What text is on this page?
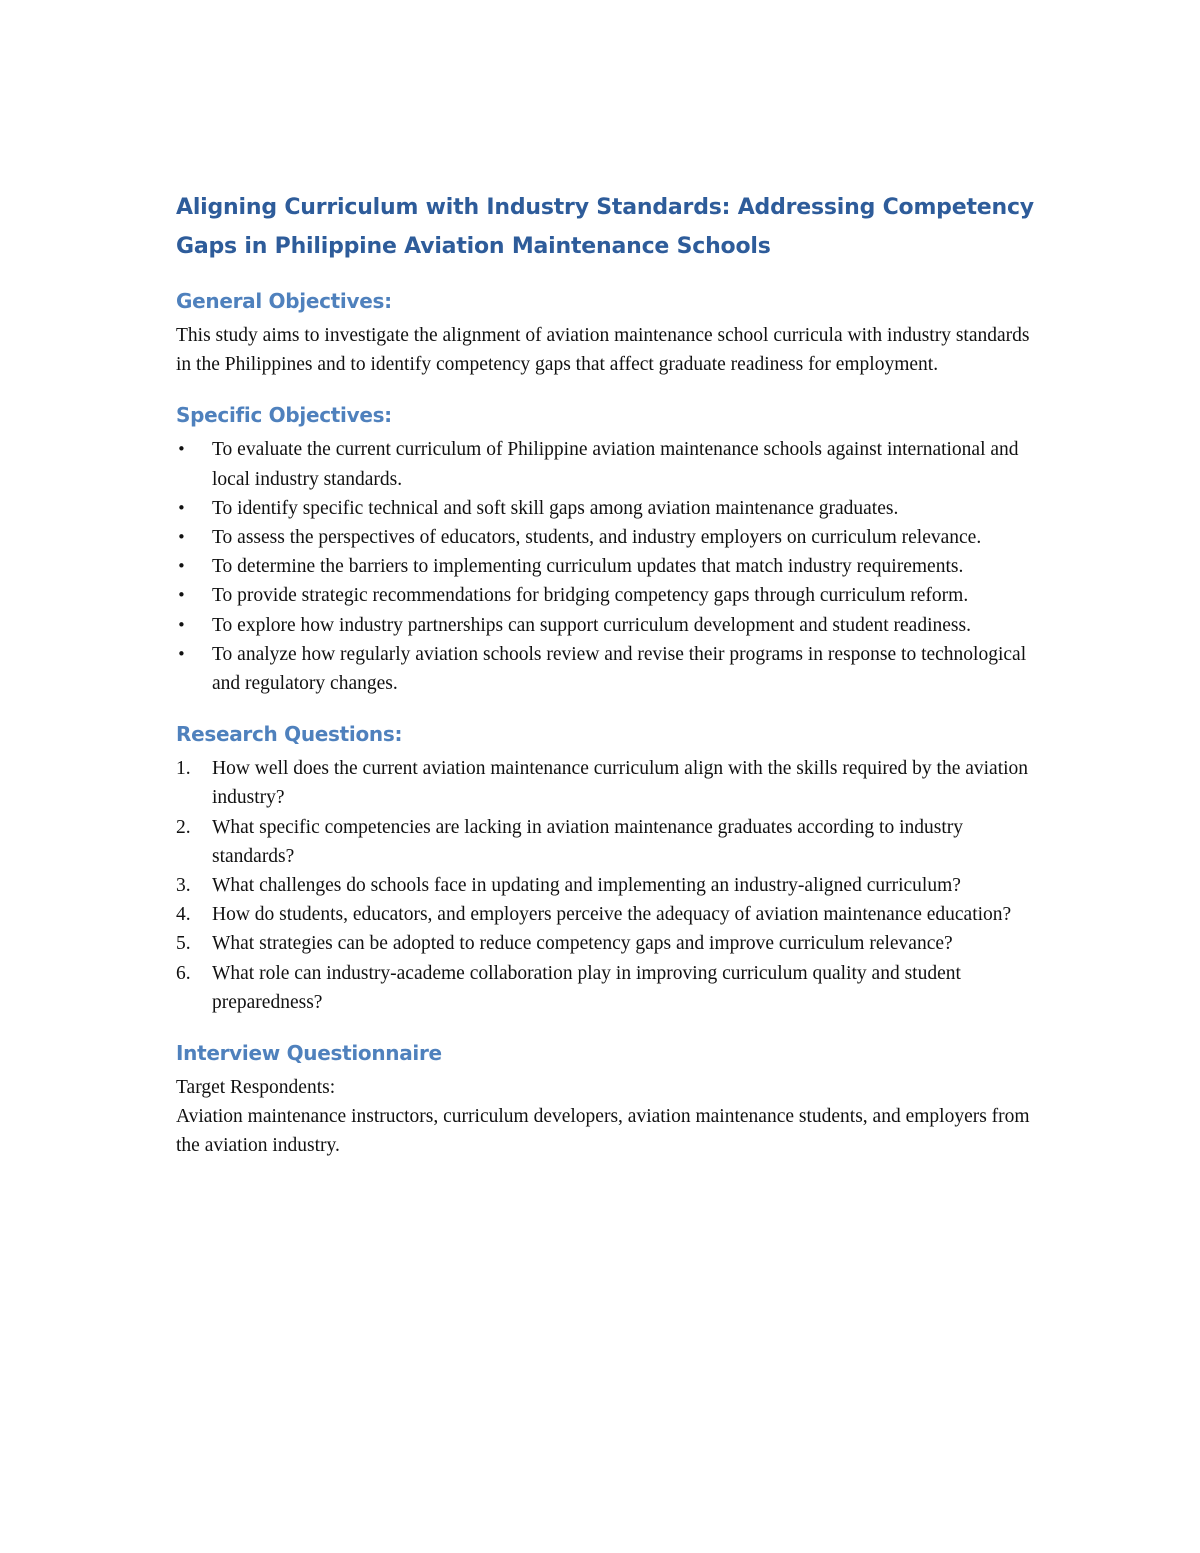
Aligning Curriculum with Industry Standards: Addressing Competency
Gaps in Philippine Aviation Maintenance Schools
General Objectives:

This study aims to investigate the alignment of aviation maintenance school curricula with industry standards in the Philippines and to identify competency gaps that affect graduate readiness for employment.

Specific Objectives:
• To evaluate the current curriculum of Philippine aviation maintenance schools against international and local industry standards.
• To identify specific technical and soft skill gaps among aviation maintenance graduates.
• To assess the perspectives of educators, students, and industry employers on curriculum relevance.
• To determine the barriers to implementing curriculum updates that match industry requirements.
• To provide strategic recommendations for bridging competency gaps through curriculum reform.
• To explore how industry partnerships can support curriculum development and student readiness.
• To analyze how regularly aviation schools review and revise their programs in response to technological and regulatory changes.
Research Questions:
1.	How well does the current aviation maintenance curriculum align with the skills required by the aviation industry?
2.	What specific competencies are lacking in aviation maintenance graduates according to industry standards?
3.	What challenges do schools face in updating and implementing an industry-aligned curriculum?
4.	How do students, educators, and employers perceive the adequacy of aviation maintenance education?
5.	What strategies can be adopted to reduce competency gaps and improve curriculum relevance?
6.	What role can industry-academe collaboration play in improving curriculum quality and student preparedness?
Interview Questionnaire

Target Respondents:

Aviation maintenance instructors, curriculum developers, aviation maintenance students, and employers from the aviation industry.
